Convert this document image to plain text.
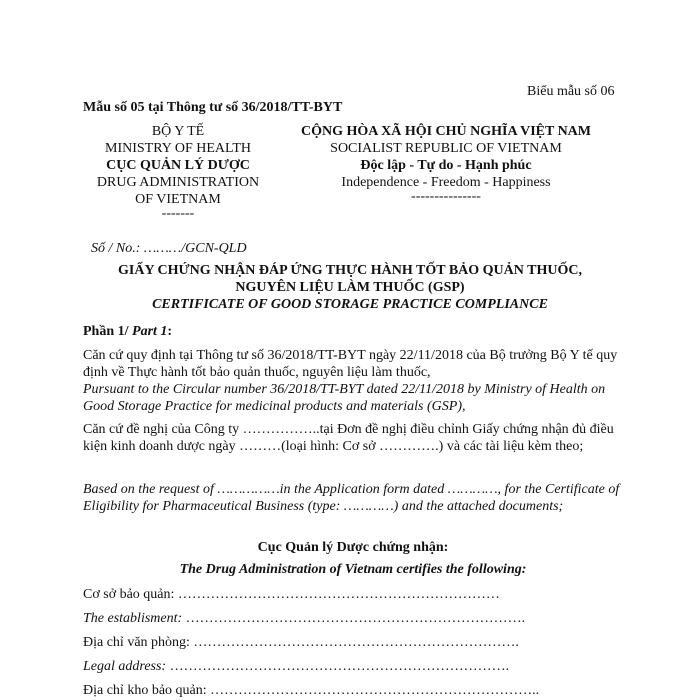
Biểu mẫu số 06
Mẫu số 05 tại Thông tư số 36/2018/TT-BYT
BỘ Y TẾ
MINISTRY OF HEALTH
CỤC QUẢN LÝ DƯỢC
DRUG ADMINISTRATION
OF VIETNAM
-------
CỘNG HÒA XÃ HỘI CHỦ NGHĨA VIỆT NAM
SOCIALIST REPUBLIC OF VIETNAM
Độc lập - Tự do - Hạnh phúc
Independence - Freedom - Happiness
---------------
Số / No.: ………/GCN-QLD
GIẤY CHỨNG NHẬN ĐÁP ỨNG THỰC HÀNH TỐT BẢO QUẢN THUỐC,
NGUYÊN LIỆU LÀM THUỐC (GSP)
CERTIFICATE OF GOOD STORAGE PRACTICE COMPLIANCE
Phần 1/ Part 1:
Căn cứ quy định tại Thông tư số 36/2018/TT-BYT ngày 22/11/2018 của Bộ trưởng Bộ Y tế quy định về Thực hành tốt bảo quản thuốc, nguyên liệu làm thuốc,
Pursuant to the Circular number 36/2018/TT-BYT dated 22/11/2018 by Ministry of Health on Good Storage Practice for medicinal products and materials (GSP),
Căn cứ đề nghị của Công ty ……………..tại Đơn đề nghị điều chỉnh Giấy chứng nhận đủ điều kiện kinh doanh dược ngày ………(loại hình: Cơ sở ………….) và các tài liệu kèm theo;
Based on the request of ……………in the Application form dated …………, for the Certificate of Eligibility for Pharmaceutical Business (type: …………) and the attached documents;
Cục Quản lý Dược chứng nhận:
The Drug Administration of Vietnam certifies the following:
Cơ sở bảo quản: ……………………………………………………………
The establisment: ……………………………………………………………….
Địa chỉ văn phòng: …………………………………………………………….
Legal address: ……………………………………………………………….
Địa chỉ kho bảo quản: ……………………………………………………………..
